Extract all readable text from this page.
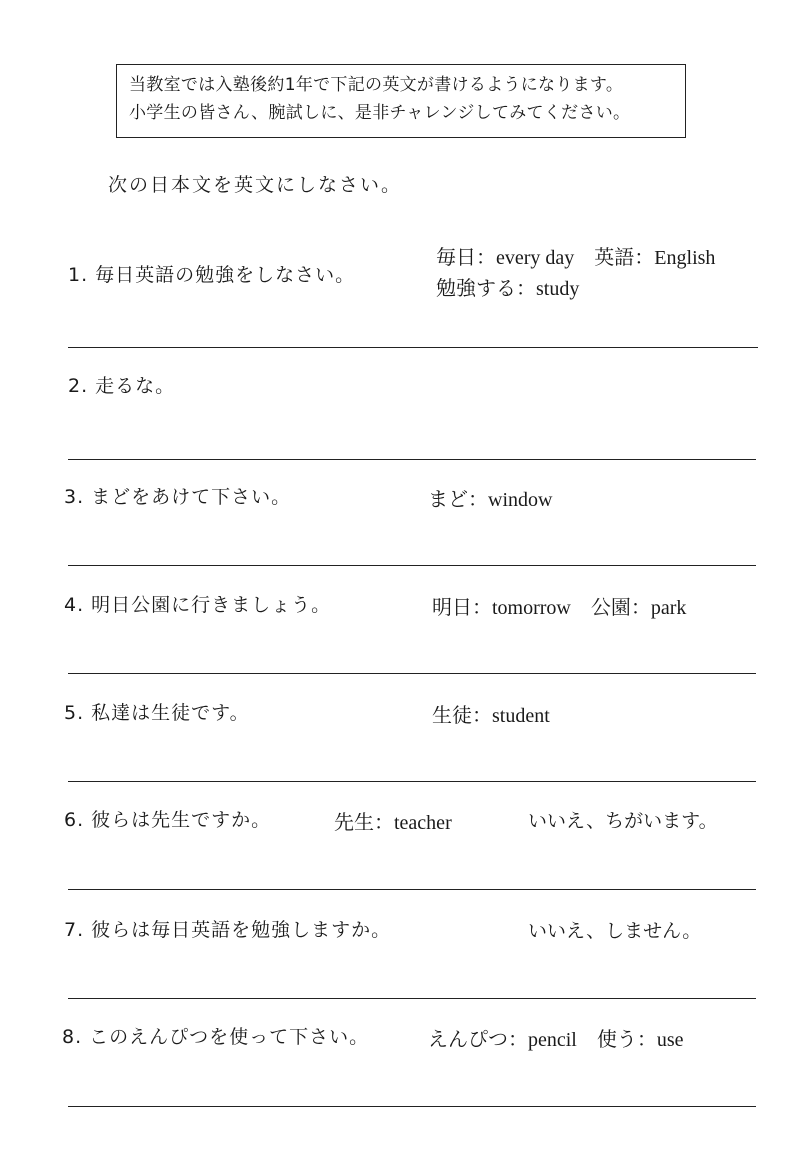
当教室では入塾後約1年で下記の英文が書けるようになります。
小学生の皆さん、腕試しに、是非チャレンジしてみてください。
次の日本文を英文にしなさい。
1. 毎日英語の勉強をしなさい。
毎日：every day　英語：English
勉強する：study
2. 走るな。
3. まどをあけて下さい。	まど：window
4. 明日公園に行きましょう。	明日：tomorrow　公園：park
5. 私達は生徒です。	生徒：student
6. 彼らは先生ですか。	先生：teacher	いいえ、ちがいます。
7. 彼らは毎日英語を勉強しますか。	いいえ、しません。
8. このえんぴつを使って下さい。	えんぴつ：pencil　使う：use
